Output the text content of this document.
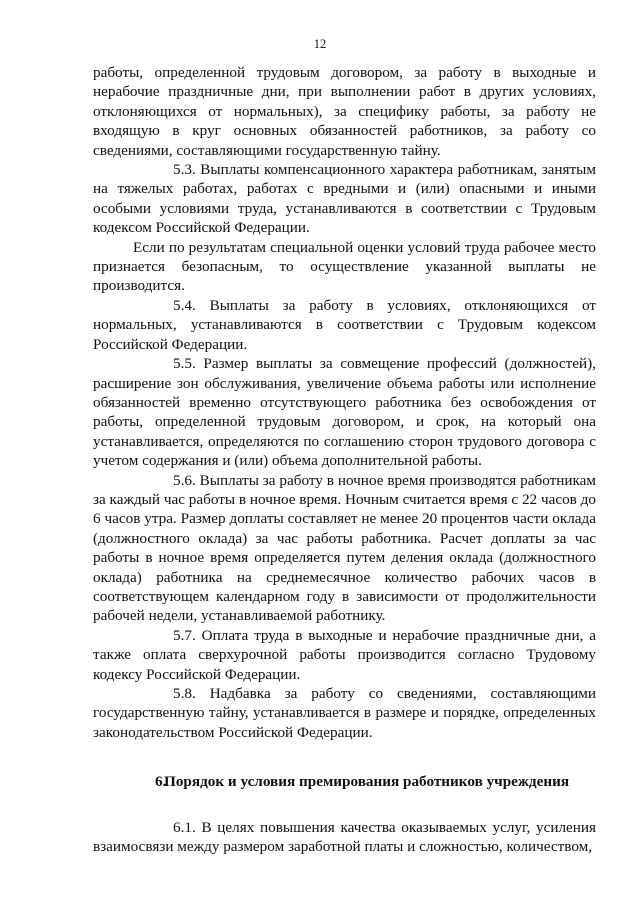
12

работы, определенной трудовым договором, за работу в выходные и нерабочие праздничные дни, при выполнении работ в других условиях, отклоняющихся от нормальных), за специфику работы, за работу не входящую в круг основных обязанностей работников, за работу со сведениями, составляющими государственную тайну.

5.3. Выплаты компенсационного характера работникам, занятым на тяжелых работах, работах с вредными и (или) опасными и иными особыми условиями труда, устанавливаются в соответствии с Трудовым кодексом Российской Федерации.

Если по результатам специальной оценки условий труда рабочее место признается безопасным, то осуществление указанной выплаты не производится.

5.4. Выплаты за работу в условиях, отклоняющихся от нормальных, устанавливаются в соответствии с Трудовым кодексом Российской Федерации.

5.5. Размер выплаты за совмещение профессий (должностей), расширение зон обслуживания, увеличение объема работы или исполнение обязанностей временно отсутствующего работника без освобождения от работы, определенной трудовым договором, и срок, на который она устанавливается, определяются по соглашению сторон трудового договора с учетом содержания и (или) объема дополнительной работы.

5.6. Выплаты за работу в ночное время производятся работникам за каждый час работы в ночное время. Ночным считается время с 22 часов до 6 часов утра. Размер доплаты составляет не менее 20 процентов части оклада (должностного оклада) за час работы работника. Расчет доплаты за час работы в ночное время определяется путем деления оклада (должностного оклада) работника на среднемесячное количество рабочих часов в соответствующем календарном году в зависимости от продолжительности рабочей недели, устанавливаемой работнику.

5.7. Оплата труда в выходные и нерабочие праздничные дни, а также оплата сверхурочной работы производится согласно Трудовому кодексу Российской Федерации.

5.8. Надбавка за работу со сведениями, составляющими государственную тайну, устанавливается в размере и порядке, определенных законодательством Российской Федерации.

6.Порядок и условия премирования работников учреждения

6.1. В целях повышения качества оказываемых услуг, усиления взаимосвязи между размером заработной платы и сложностью, количеством,
